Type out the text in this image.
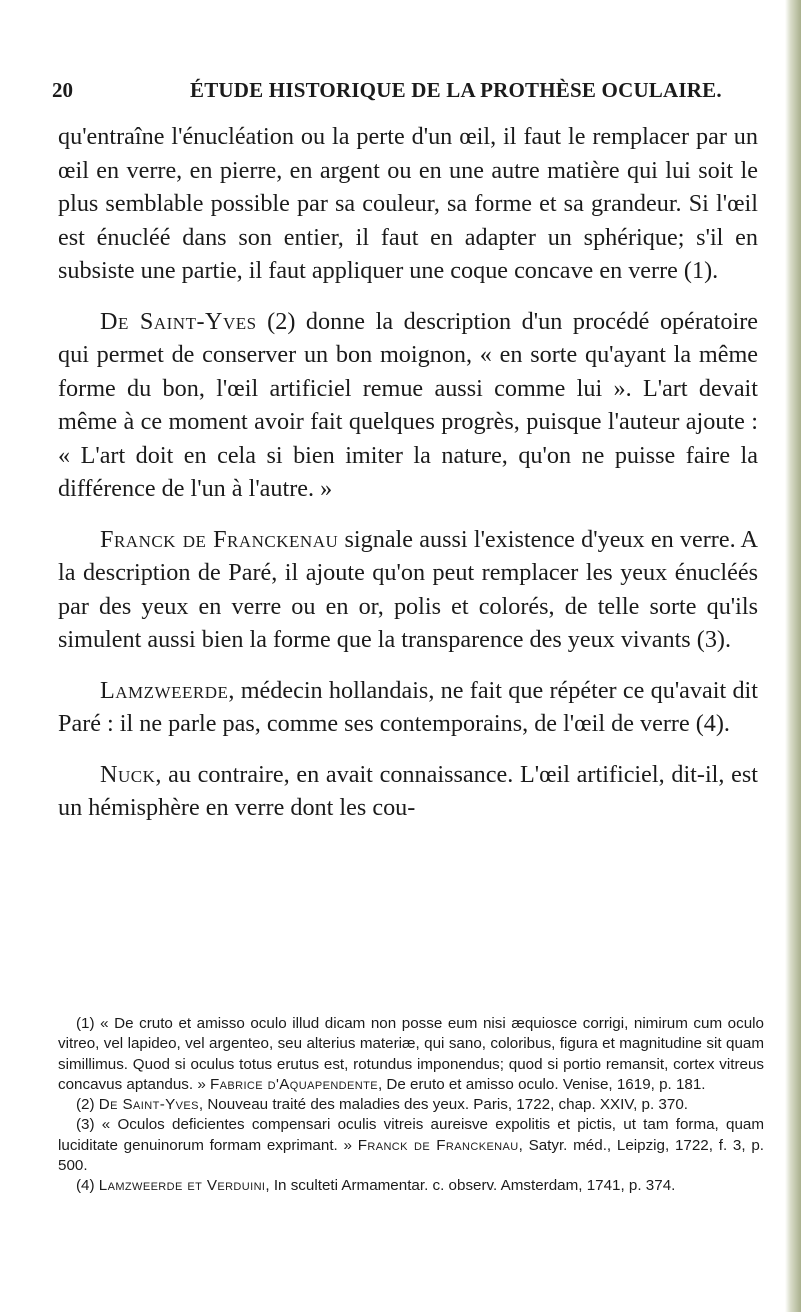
20	ÉTUDE HISTORIQUE DE LA PROTHÈSE OCULAIRE.

qu'entraîne l'énucléation ou la perte d'un œil, il faut le remplacer par un œil en verre, en pierre, en argent ou en une autre matière qui lui soit le plus semblable possible par sa couleur, sa forme et sa grandeur. Si l'œil est énucléé dans son entier, il faut en adapter un sphérique; s'il en subsiste une partie, il faut appliquer une coque concave en verre (1).

De Saint-Yves (2) donne la description d'un procédé opératoire qui permet de conserver un bon moignon, « en sorte qu'ayant la même forme du bon, l'œil artificiel remue aussi comme lui ». L'art devait même à ce moment avoir fait quelques progrès, puisque l'auteur ajoute : « L'art doit en cela si bien imiter la nature, qu'on ne puisse faire la différence de l'un à l'autre. »

Franck de Franckenau signale aussi l'existence d'yeux en verre. A la description de Paré, il ajoute qu'on peut remplacer les yeux énucléés par des yeux en verre ou en or, polis et colorés, de telle sorte qu'ils simulent aussi bien la forme que la transparence des yeux vivants (3).

Lamzweerde, médecin hollandais, ne fait que répéter ce qu'avait dit Paré : il ne parle pas, comme ses contemporains, de l'œil de verre (4).

Nuck, au contraire, en avait connaissance. L'œil artificiel, dit-il, est un hémisphère en verre dont les cou-

(1) « De cruto et amisso oculo illud dicam non posse eum nisi æquiosce corrigi, nimirum cum oculo vitreo, vel lapideo, vel argenteo, seu alterius materiæ, qui sano, coloribus, figura et magnitudine sit quam simillimus. Quod si oculus totus erutus est, rotundus imponendus; quod si portio remansit, cortex vitreus concavus aptandus. » Fabrice d'Aquapendente, De eruto et amisso oculo. Venise, 1619, p. 181.

(2) De Saint-Yves, Nouveau traité des maladies des yeux. Paris, 1722, chap. XXIV, p. 370.

(3) « Oculos deficientes compensari oculis vitreis aureisve expolitis et pictis, ut tam forma, quam luciditate genuinorum formam exprimant. » Franck de Franckenau, Satyr. méd., Leipzig, 1722, f. 3, p. 500.

(4) Lamzweerde et Verduini, In sculteti Armamentar. c. observ. Amsterdam, 1741, p. 374.
